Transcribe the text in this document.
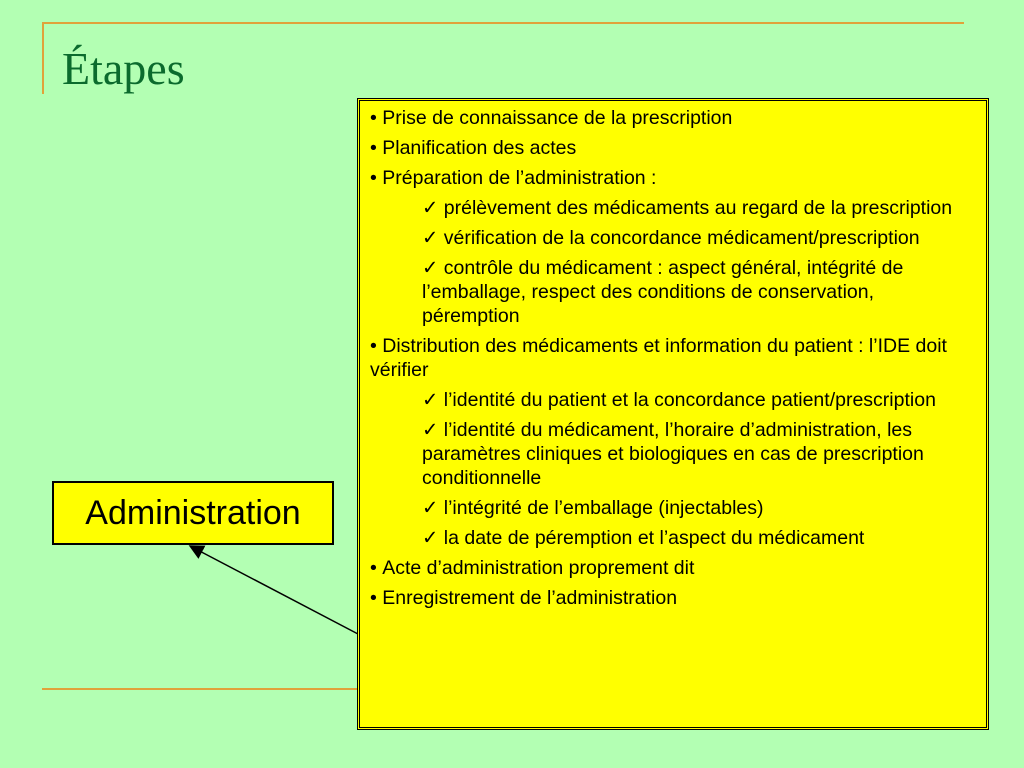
Étapes
Administration
• Prise de connaissance de la prescription
• Planification des actes
• Préparation de l’administration :
✓ prélèvement des médicaments au regard de la prescription
✓ vérification de la concordance médicament/prescription
✓ contrôle du médicament : aspect général, intégrité de l’emballage, respect des conditions de conservation, péremption
• Distribution des médicaments et information du patient : l’IDE doit vérifier
✓ l’identité du patient et la concordance patient/prescription
✓ l’identité du médicament, l’horaire d’administration, les paramètres cliniques et biologiques en cas de prescription conditionnelle
✓ l’intégrité de l’emballage (injectables)
✓ la date de péremption et l’aspect du médicament
• Acte d’administration proprement dit
• Enregistrement de l’administration
